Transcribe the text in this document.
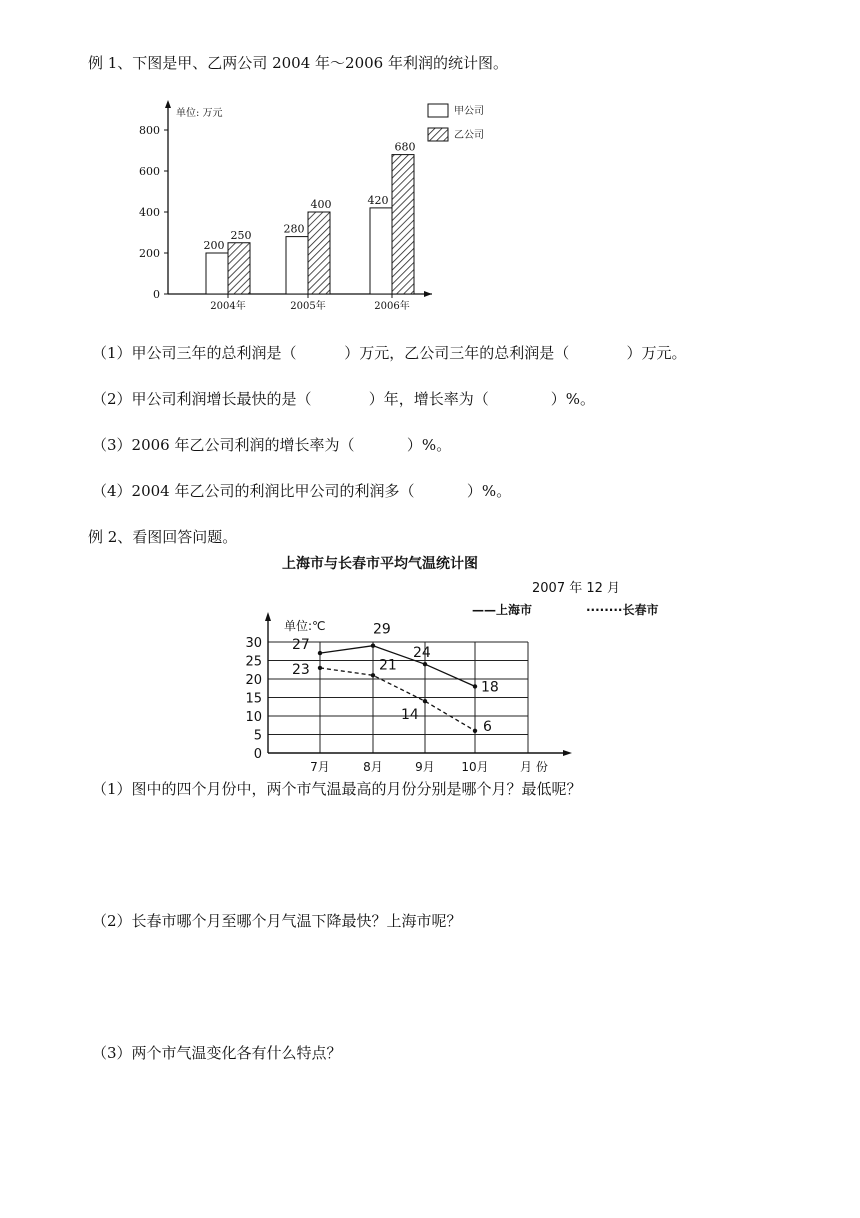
例 1、下图是甲、乙两公司 2004 年～2006 年利润的统计图。
单位: 万元
0
200
400
600
800
200
250
2004年
280
400
2005年
420
680
2006年
甲公司
乙公司
（1）甲公司三年的总利润是（          ）万元，乙公司三年的总利润是（            ）万元。
（2）甲公司利润增长最快的是（            ）年，增长率为（             ）%。
（3）2006 年乙公司利润的增长率为（           ）%。
（4）2004 年乙公司的利润比甲公司的利润多（           ）%。
例 2、看图回答问题。
上海市与长春市平均气温统计图
2007 年 12 月
——上海市	········长春市
0
5
10
15
20
25
30
单位:℃
7月	8月	9月 10月	月 份
27
29
24
18
23	21
14
6
（1）图中的四个月份中，两个市气温最高的月份分别是哪个月？最低呢？
（2）长春市哪个月至哪个月气温下降最快？上海市呢？
（3）两个市气温变化各有什么特点？
